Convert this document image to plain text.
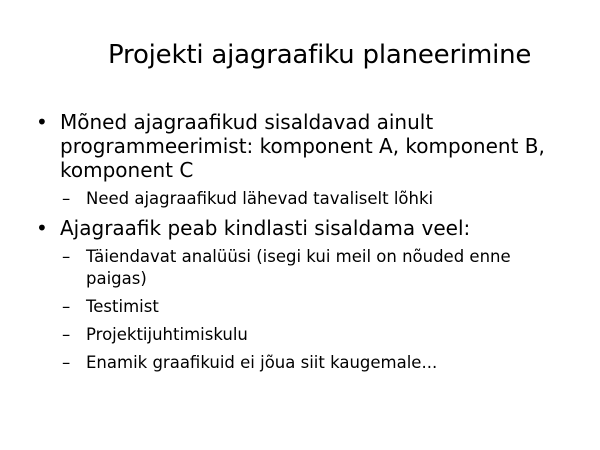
Projekti ajagraafiku planeerimine
• Mõned ajagraafikud sisaldavad ainult programmeerimist: komponent A, komponent B, komponent C
– Need ajagraafikud lähevad tavaliselt lõhki
• Ajagraafik peab kindlasti sisaldama veel:
– Täiendavat analüüsi (isegi kui meil on nõuded enne paigas)
– Testimist
– Projektijuhtimiskulu
– Enamik graafikuid ei jõua siit kaugemale...
